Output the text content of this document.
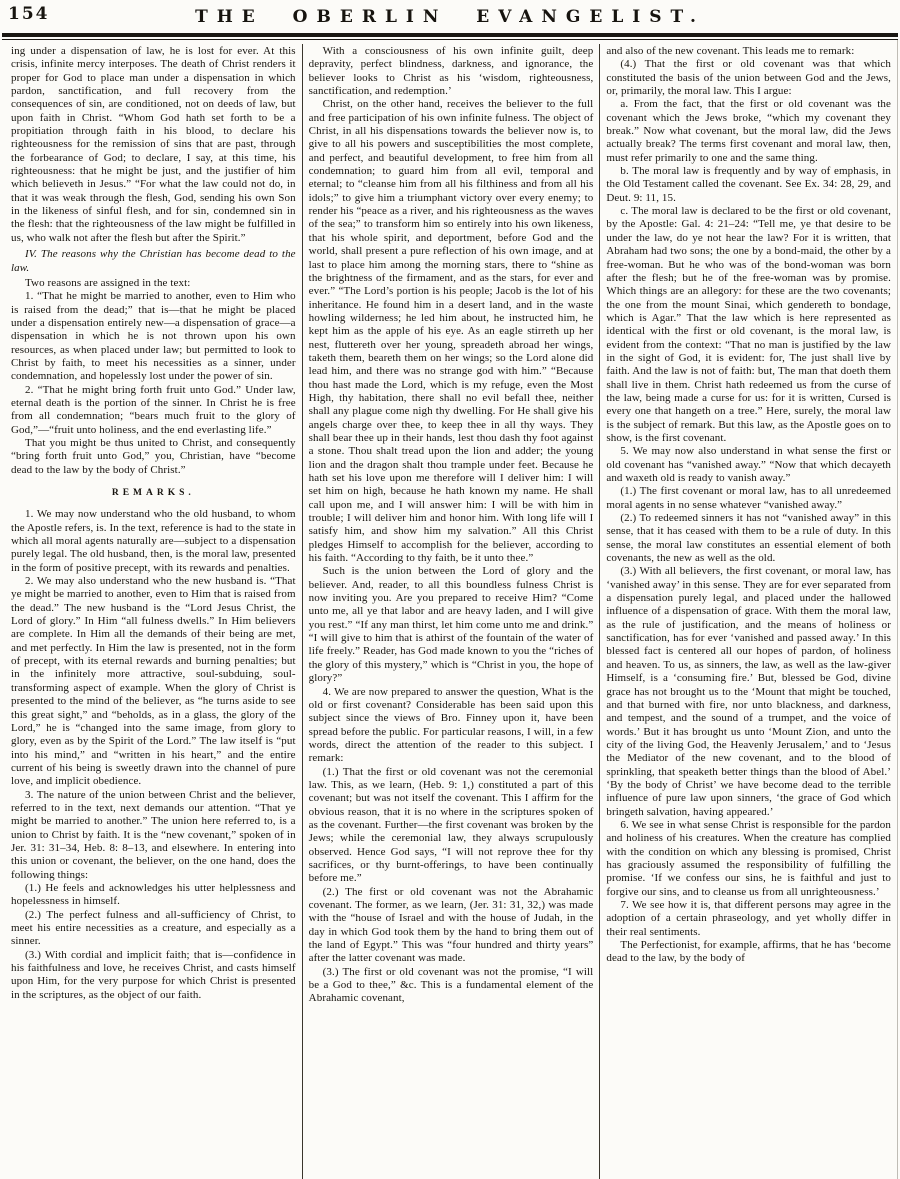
154	THE OBERLIN EVANGELIST.

ing under a dispensation of law, he is lost for ever. At this crisis, infinite mercy interposes. The death of Christ renders it proper for God to place man under a dispensation in which pardon, sanctification, and full recovery from the consequences of sin, are conditioned, not on deeds of law, but upon faith in Christ. “Whom God hath set forth to be a propitiation through faith in his blood, to declare his righteousness for the remission of sins that are past, through the forbearance of God; to declare, I say, at this time, his righteousness: that he might be just, and the justifier of him which believeth in Jesus.” “For what the law could not do, in that it was weak through the flesh, God, sending his own Son in the likeness of sinful flesh, and for sin, condemned sin in the flesh: that the righteousness of the law might be fulfilled in us, who walk not after the flesh but after the Spirit.”

IV. The reasons why the Christian has become dead to the law.

Two reasons are assigned in the text:

1. “That he might be married to another, even to Him who is raised from the dead;” that is—that he might be placed under a dispensation entirely new—a dispensation of grace—a dispensation in which he is not thrown upon his own resources, as when placed under law; but permitted to look to Christ by faith, to meet his necessities as a sinner, under condemnation, and hopelessly lost under the power of sin.

2. “That he might bring forth fruit unto God.” Under law, eternal death is the portion of the sinner. In Christ he is free from all condemnation; “bears much fruit to the glory of God,”—“fruit unto holiness, and the end everlasting life.”

That you might be thus united to Christ, and consequently “bring forth fruit unto God,” you, Christian, have “become dead to the law by the body of Christ.”

REMARKS.

1. We may now understand who the old husband, to whom the Apostle refers, is. In the text, reference is had to the state in which all moral agents naturally are—subject to a dispensation purely legal. The old husband, then, is the moral law, presented in the form of positive precept, with its rewards and penalties.

2. We may also understand who the new husband is. “That ye might be married to another, even to Him that is raised from the dead.” The new husband is the “Lord Jesus Christ, the Lord of glory.” In Him “all fulness dwells.” In Him believers are complete. In Him all the demands of their being are met, and met perfectly. In Him the law is presented, not in the form of precept, with its eternal rewards and burning penalties; but in the infinitely more attractive, soul-subduing, soul-transforming aspect of example. When the glory of Christ is presented to the mind of the believer, as “he turns aside to see this great sight,” and “beholds, as in a glass, the glory of the Lord,” he is “changed into the same image, from glory to glory, even as by the Spirit of the Lord.” The law itself is “put into his mind,” and “written in his heart,” and the entire current of his being is sweetly drawn into the channel of pure love, and implicit obedience.

3. The nature of the union between Christ and the believer, referred to in the text, next demands our attention. “That ye might be married to another.” The union here referred to, is a union to Christ by faith. It is the “new covenant,” spoken of in Jer. 31: 31–34, Heb. 8: 8–13, and elsewhere. In entering into this union or covenant, the believer, on the one hand, does the following things:

(1.) He feels and acknowledges his utter helplessness and hopelessness in himself.

(2.) The perfect fulness and all-sufficiency of Christ, to meet his entire necessities as a creature, and especially as a sinner.

(3.) With cordial and implicit faith; that is—confidence in his faithfulness and love, he receives Christ, and casts himself upon Him, for the very purpose for which Christ is presented in the scriptures, as the object of our faith.

With a consciousness of his own infinite guilt, deep depravity, perfect blindness, darkness, and ignorance, the believer looks to Christ as his ‘wisdom, righteousness, sanctification, and redemption.’

Christ, on the other hand, receives the believer to the full and free participation of his own infinite fulness. The object of Christ, in all his dispensations towards the believer now is, to give to all his powers and susceptibilities the most complete, and perfect, and beautiful development, to free him from all condemnation; to guard him from all evil, temporal and eternal; to “cleanse him from all his filthiness and from all his idols;” to give him a triumphant victory over every enemy; to render his “peace as a river, and his righteousness as the waves of the sea;” to transform him so entirely into his own likeness, that his whole spirit, and deportment, before God and the world, shall present a pure reflection of his own image, and at last to place him among the morning stars, there to “shine as the brightness of the firmament, and as the stars, for ever and ever.” “The Lord’s portion is his people; Jacob is the lot of his inheritance. He found him in a desert land, and in the waste howling wilderness; he led him about, he instructed him, he kept him as the apple of his eye. As an eagle stirreth up her nest, fluttereth over her young, spreadeth abroad her wings, taketh them, beareth them on her wings; so the Lord alone did lead him, and there was no strange god with him.” “Because thou hast made the Lord, which is my refuge, even the Most High, thy habitation, there shall no evil befall thee, neither shall any plague come nigh thy dwelling. For He shall give his angels charge over thee, to keep thee in all thy ways. They shall bear thee up in their hands, lest thou dash thy foot against a stone. Thou shalt tread upon the lion and adder; the young lion and the dragon shalt thou trample under feet. Because he hath set his love upon me therefore will I deliver him: I will set him on high, because he hath known my name. He shall call upon me, and I will answer him: I will be with him in trouble; I will deliver him and honor him. With long life will I satisfy him, and show him my salvation.” All this Christ pledges Himself to accomplish for the believer, according to his faith. “According to thy faith, be it unto thee.”

Such is the union between the Lord of glory and the believer. And, reader, to all this boundless fulness Christ is now inviting you. Are you prepared to receive Him? “Come unto me, all ye that labor and are heavy laden, and I will give you rest.” “If any man thirst, let him come unto me and drink.” “I will give to him that is athirst of the fountain of the water of life freely.” Reader, has God made known to you the “riches of the glory of this mystery,” which is “Christ in you, the hope of glory?”

4. We are now prepared to answer the question, What is the old or first covenant? Considerable has been said upon this subject since the views of Bro. Finney upon it, have been spread before the public. For particular reasons, I will, in a few words, direct the attention of the reader to this subject. I remark:

(1.) That the first or old covenant was not the ceremonial law. This, as we learn, (Heb. 9: 1,) constituted a part of this covenant; but was not itself the covenant. This I affirm for the obvious reason, that it is no where in the scriptures spoken of as the covenant. Further—the first covenant was broken by the Jews; while the ceremonial law, they always scrupulously observed. Hence God says, “I will not reprove thee for thy sacrifices, or thy burnt-offerings, to have been continually before me.”

(2.) The first or old covenant was not the Abrahamic covenant. The former, as we learn, (Jer. 31: 31, 32,) was made with the “house of Israel and with the house of Judah, in the day in which God took them by the hand to bring them out of the land of Egypt.” This was “four hundred and thirty years” after the latter covenant was made.

(3.) The first or old covenant was not the promise, “I will be a God to thee,” &c. This is a fundamental element of the Abrahamic covenant,

and also of the new covenant. This leads me to remark:

(4.) That the first or old covenant was that which constituted the basis of the union between God and the Jews, or, primarily, the moral law. This I argue:

a. From the fact, that the first or old covenant was the covenant which the Jews broke, “which my covenant they break.” Now what covenant, but the moral law, did the Jews actually break? The terms first covenant and moral law, then, must refer primarily to one and the same thing.

b. The moral law is frequently and by way of emphasis, in the Old Testament called the covenant. See Ex. 34: 28, 29, and Deut. 9: 11, 15.

c. The moral law is declared to be the first or old covenant, by the Apostle: Gal. 4: 21–24: “Tell me, ye that desire to be under the law, do ye not hear the law? For it is written, that Abraham had two sons; the one by a bond-maid, the other by a free-woman. But he who was of the bond-woman was born after the flesh; but he of the free-woman was by promise. Which things are an allegory: for these are the two covenants; the one from the mount Sinai, which gendereth to bondage, which is Agar.” That the law which is here represented as identical with the first or old covenant, is the moral law, is evident from the context: “That no man is justified by the law in the sight of God, it is evident: for, The just shall live by faith. And the law is not of faith: but, The man that doeth them shall live in them. Christ hath redeemed us from the curse of the law, being made a curse for us: for it is written, Cursed is every one that hangeth on a tree.” Here, surely, the moral law is the subject of remark. But this law, as the Apostle goes on to show, is the first covenant.

5. We may now also understand in what sense the first or old covenant has “vanished away.” “Now that which decayeth and waxeth old is ready to vanish away.”

(1.) The first covenant or moral law, has to all unredeemed moral agents in no sense whatever “vanished away.”

(2.) To redeemed sinners it has not “vanished away” in this sense, that it has ceased with them to be a rule of duty. In this sense, the moral law constitutes an essential element of both covenants, the new as well as the old.

(3.) With all believers, the first covenant, or moral law, has ‘vanished away’ in this sense. They are for ever separated from a dispensation purely legal, and placed under the hallowed influence of a dispensation of grace. With them the moral law, as the rule of justification, and the means of holiness or sanctification, has for ever ‘vanished and passed away.’ In this blessed fact is centered all our hopes of pardon, of holiness and heaven. To us, as sinners, the law, as well as the law-giver Himself, is a ‘consuming fire.’ But, blessed be God, divine grace has not brought us to the ‘Mount that might be touched, and that burned with fire, nor unto blackness, and darkness, and tempest, and the sound of a trumpet, and the voice of words.’ But it has brought us unto ‘Mount Zion, and unto the city of the living God, the Heavenly Jerusalem,’ and to ‘Jesus the Mediator of the new covenant, and to the blood of sprinkling, that speaketh better things than the blood of Abel.’ ‘By the body of Christ’ we have become dead to the terrible influence of pure law upon sinners, ‘the grace of God which bringeth salvation, having appeared.’

6. We see in what sense Christ is responsible for the pardon and holiness of his creatures. When the creature has complied with the condition on which any blessing is promised, Christ has graciously assumed the responsibility of fulfilling the promise. ‘If we confess our sins, he is faithful and just to forgive our sins, and to cleanse us from all unrighteousness.’

7. We see how it is, that different persons may agree in the adoption of a certain phraseology, and yet wholly differ in their real sentiments.

The Perfectionist, for example, affirms, that he has ‘become dead to the law, by the body of
